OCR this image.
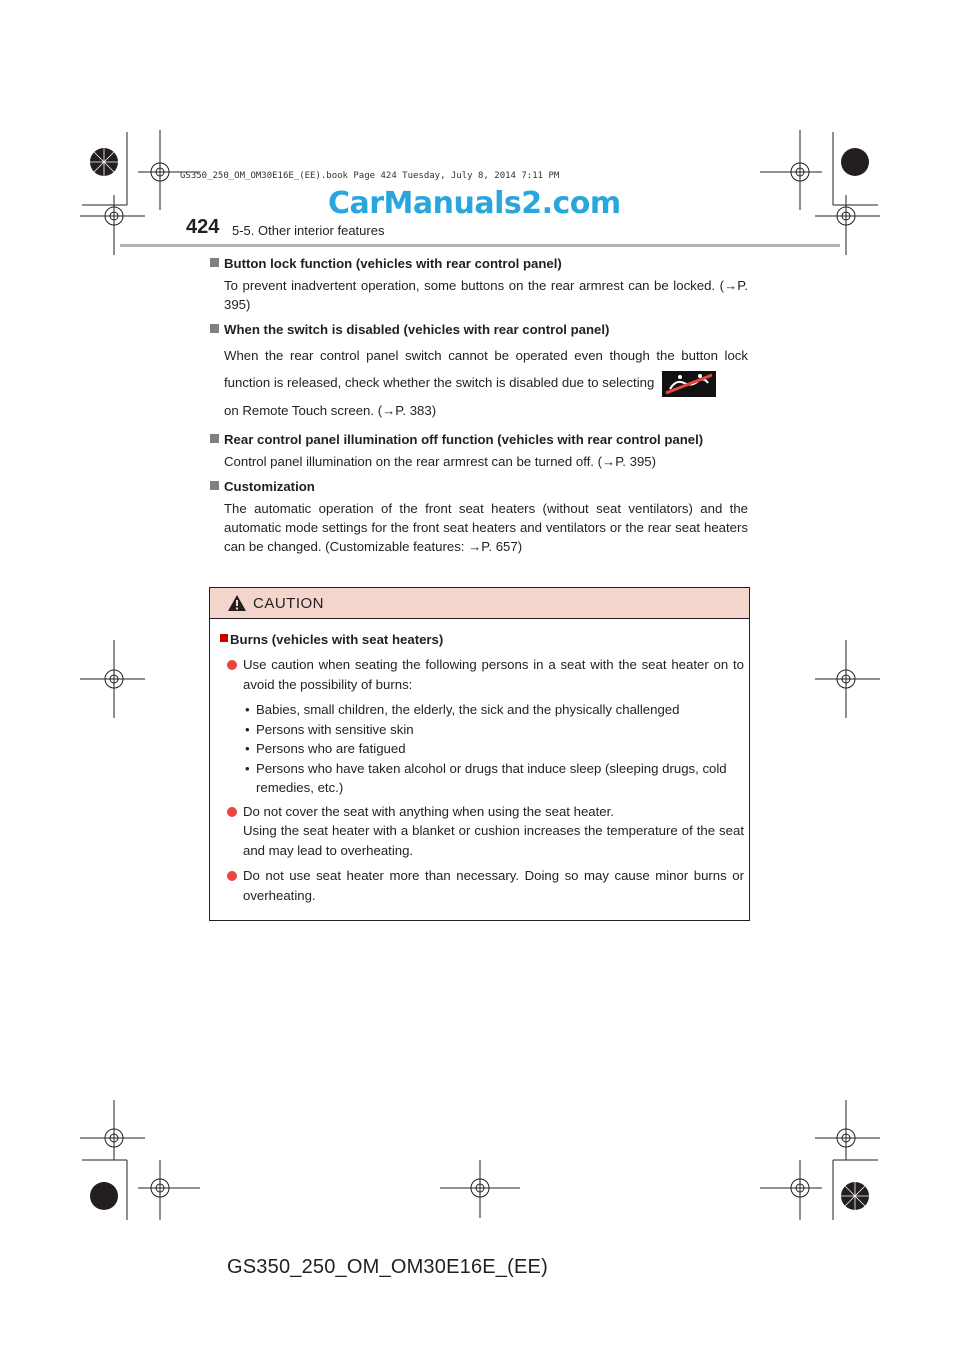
GS350_250_OM_OM30E16E_(EE).book Page 424 Tuesday, July 8, 2014 7:11 PM
CarManuals2.com
424 5-5. Other interior features
Button lock function (vehicles with rear control panel)
To prevent inadvertent operation, some buttons on the rear armrest can be locked. (→P. 395)
When the switch is disabled (vehicles with rear control panel)
When the rear control panel switch cannot be operated even though the button lock function is released, check whether the switch is disabled due to selecting
on Remote Touch screen. (→P. 383)
Rear control panel illumination off function (vehicles with rear control panel)
Control panel illumination on the rear armrest can be turned off. (→P. 395)
Customization
The automatic operation of the front seat heaters (without seat ventilators) and the automatic mode settings for the front seat heaters and ventilators or the rear seat heaters can be changed. (Customizable features: →P. 657)
CAUTION
Burns (vehicles with seat heaters)
Use caution when seating the following persons in a seat with the seat heater on to avoid the possibility of burns:
• Babies, small children, the elderly, the sick and the physically challenged
• Persons with sensitive skin
• Persons who are fatigued
• Persons who have taken alcohol or drugs that induce sleep (sleeping drugs, cold remedies, etc.)
Do not cover the seat with anything when using the seat heater.
Using the seat heater with a blanket or cushion increases the temperature of the seat and may lead to overheating.
Do not use seat heater more than necessary. Doing so may cause minor burns or overheating.
GS350_250_OM_OM30E16E_(EE)
